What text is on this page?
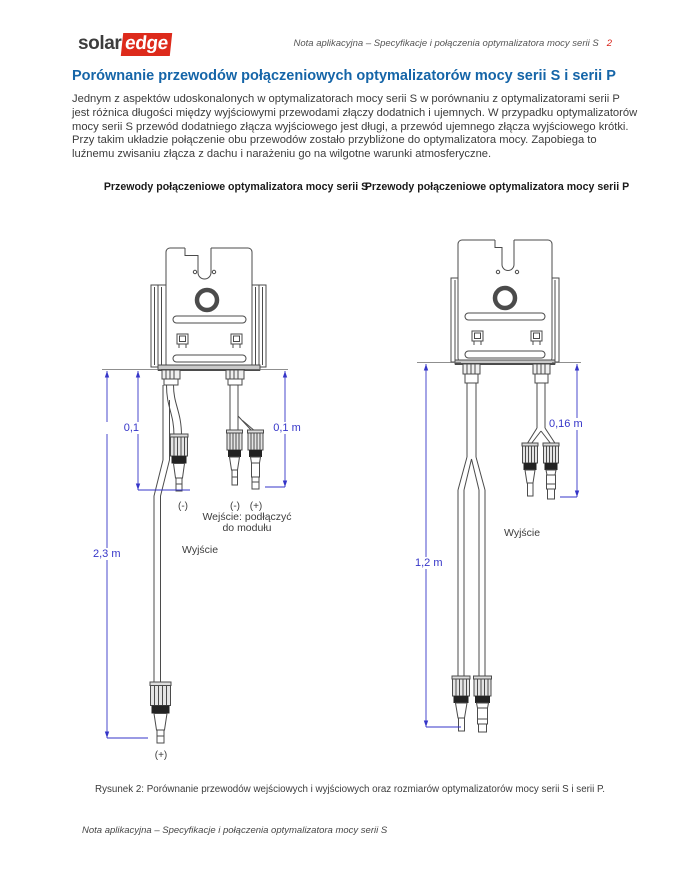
solar edge	Nota aplikacyjna – Specyfikacje i połączenia optymalizatora mocy serii S 2
Porównanie przewodów połączeniowych optymalizatorów mocy serii S i serii P
Jednym z aspektów udoskonalonych w optymalizatorach mocy serii S w porównaniu z optymalizatorami serii P jest różnica długości między wyjściowymi przewodami złączy dodatnich i ujemnych. W przypadku optymalizatorów mocy serii S przewód dodatniego złącza wyjściowego jest długi, a przewód ujemnego złącza wyjściowego krótki. Przy takim układzie połączenie obu przewodów zostało przybliżone do optymalizatora mocy. Zapobiega to luźnemu zwisaniu złącza z dachu i narażeniu go na wilgotne warunki atmosferyczne.
Przewody połączeniowe optymalizatora mocy serii S
Przewody połączeniowe optymalizatora mocy serii P
0,1	0,1 m
2,3 m
(-)	(-) (+)
Wejście: podłączyć
do modułu
Wyjście
(+)
0,16 m
1,2 m
Wyjście
Rysunek 2: Porównanie przewodów wejściowych i wyjściowych oraz rozmiarów optymalizatorów mocy serii S i serii P.
Nota aplikacyjna – Specyfikacje i połączenia optymalizatora mocy serii S
